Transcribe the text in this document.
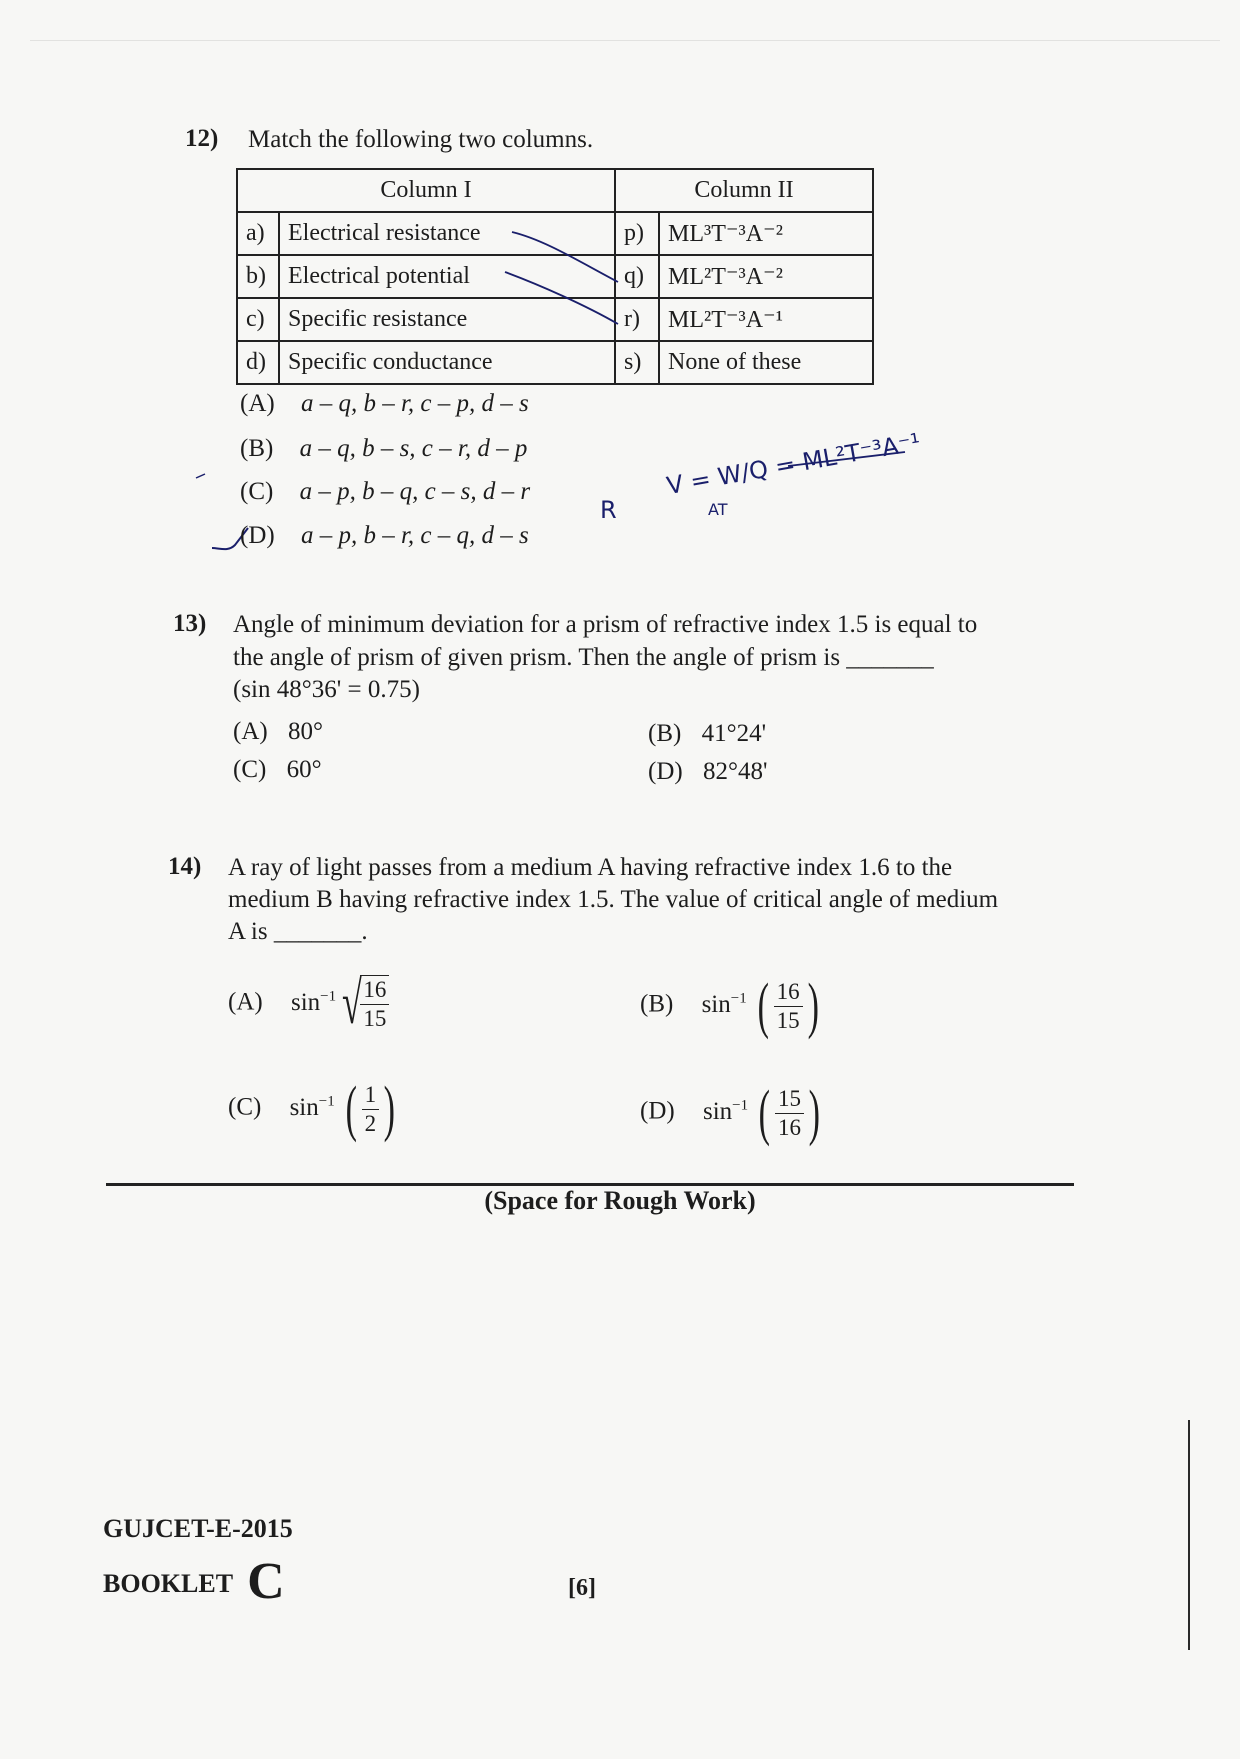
12) Match the following two columns.
Column I		Column II	
a)	Electrical resistance	p)	ML³T⁻³A⁻²
b)	Electrical potential	q)	ML²T⁻³A⁻²
c)	Specific resistance	r)	ML²T⁻³A⁻¹
d)	Specific conductance	s)	None of these
(A) a – q, b – r, c – p, d – s
(B) a – q, b – s, c – r, d – p
(C) a – p, b – q, c – s, d – r
(D) a – p, b – r, c – q, d – s
V = W/Q = ML²T⁻³A⁻¹
AT
R
13) Angle of minimum deviation for a prism of refractive index 1.5 is equal to
the angle of prism of given prism. Then the angle of prism is _______
(sin 48°36' = 0.75)
(A) 80°	(B) 41°24'
(C) 60°	(D) 82°48'
14) A ray of light passes from a medium A having refractive index 1.6 to the
medium B having refractive index 1.5. The value of critical angle of medium
A is _______.
(A) $\sin^{-1}$ √
$\frac{16}{15}$	(B) $\sin^{-1}$ ( $\frac{16}{15}$ )
(C) $\sin^{-1}$ ( $\frac{1}{2}$ )	(D) $\sin^{-1}$ ( $\frac{15}{16}$ )
(Space for Rough Work)
GUJCET-E-2015
BOOKLET C	[6]
